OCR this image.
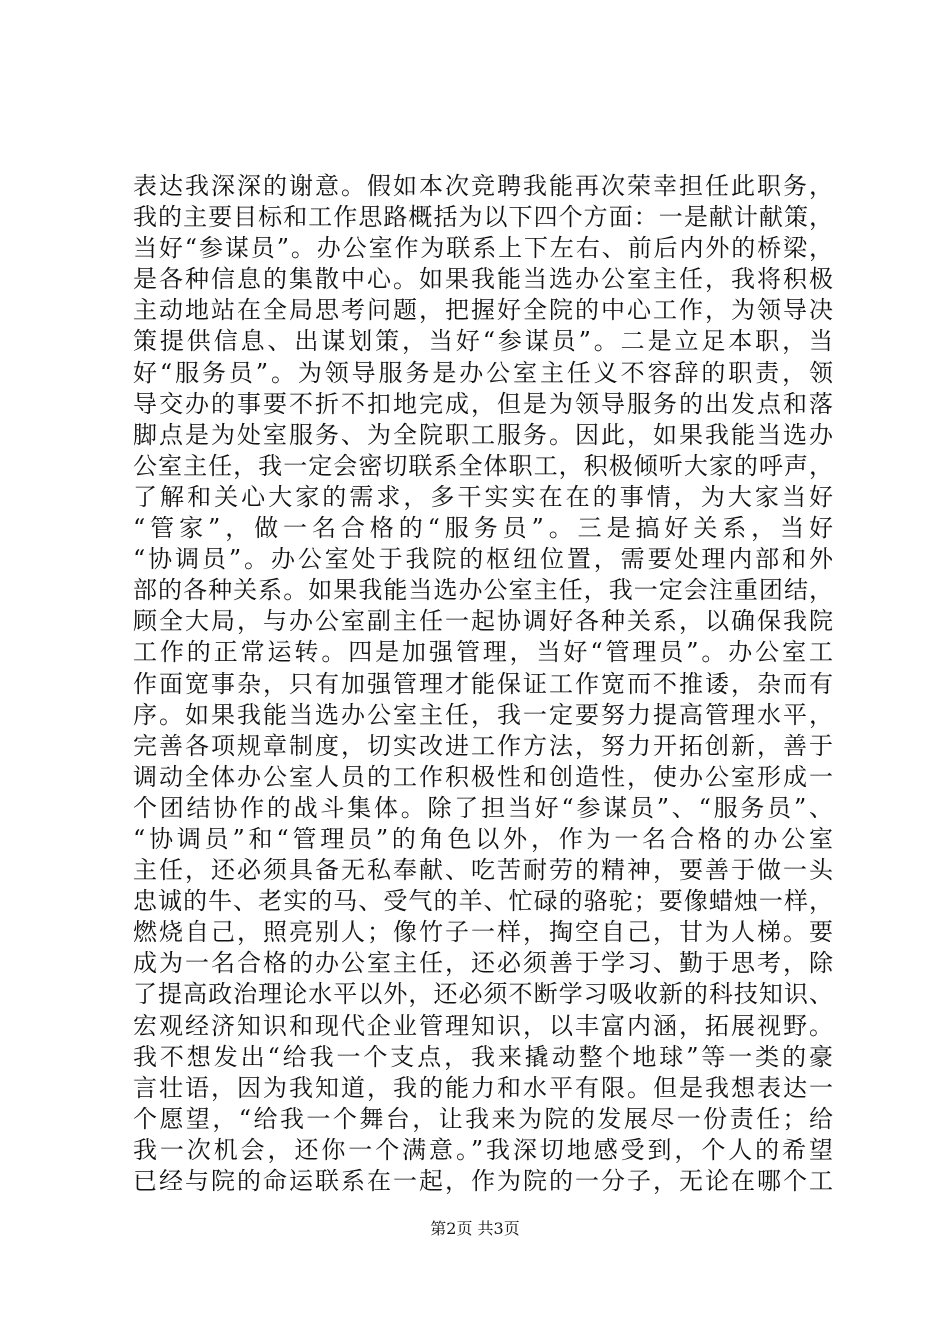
表达我深深的谢意。假如本次竞聘我能再次荣幸担任此职务，
我的主要目标和工作思路概括为以下四个方面：一是献计献策，
当好“参谋员”。办公室作为联系上下左右、前后内外的桥梁，
是各种信息的集散中心。如果我能当选办公室主任，我将积极
主动地站在全局思考问题，把握好全院的中心工作，为领导决
策提供信息、出谋划策，当好“参谋员”。二是立足本职，当
好“服务员”。为领导服务是办公室主任义不容辞的职责，领
导交办的事要不折不扣地完成，但是为领导服务的出发点和落
脚点是为处室服务、为全院职工服务。因此，如果我能当选办
公室主任，我一定会密切联系全体职工，积极倾听大家的呼声，
了解和关心大家的需求，多干实实在在的事情，为大家当好
“管家”，做一名合格的“服务员”。三是搞好关系，当好
“协调员”。办公室处于我院的枢纽位置，需要处理内部和外
部的各种关系。如果我能当选办公室主任，我一定会注重团结，
顾全大局，与办公室副主任一起协调好各种关系，以确保我院
工作的正常运转。四是加强管理，当好“管理员”。办公室工
作面宽事杂，只有加强管理才能保证工作宽而不推诿，杂而有
序。如果我能当选办公室主任，我一定要努力提高管理水平，
完善各项规章制度，切实改进工作方法，努力开拓创新，善于
调动全体办公室人员的工作积极性和创造性，使办公室形成一
个团结协作的战斗集体。除了担当好“参谋员”、“服务员”、
“协调员”和“管理员”的角色以外，作为一名合格的办公室
主任，还必须具备无私奉献、吃苦耐劳的精神，要善于做一头
忠诚的牛、老实的马、受气的羊、忙碌的骆驼；要像蜡烛一样，
燃烧自己，照亮别人；像竹子一样，掏空自己，甘为人梯。要
成为一名合格的办公室主任，还必须善于学习、勤于思考，除
了提高政治理论水平以外，还必须不断学习吸收新的科技知识、
宏观经济知识和现代企业管理知识，以丰富内涵，拓展视野。
我不想发出“给我一个支点，我来撬动整个地球”等一类的豪
言壮语，因为我知道，我的能力和水平有限。但是我想表达一
个愿望，“给我一个舞台，让我来为院的发展尽一份责任；给
我一次机会，还你一个满意。”我深切地感受到，个人的希望
已经与院的命运联系在一起，作为院的一分子，无论在哪个工
第2页 共3页
